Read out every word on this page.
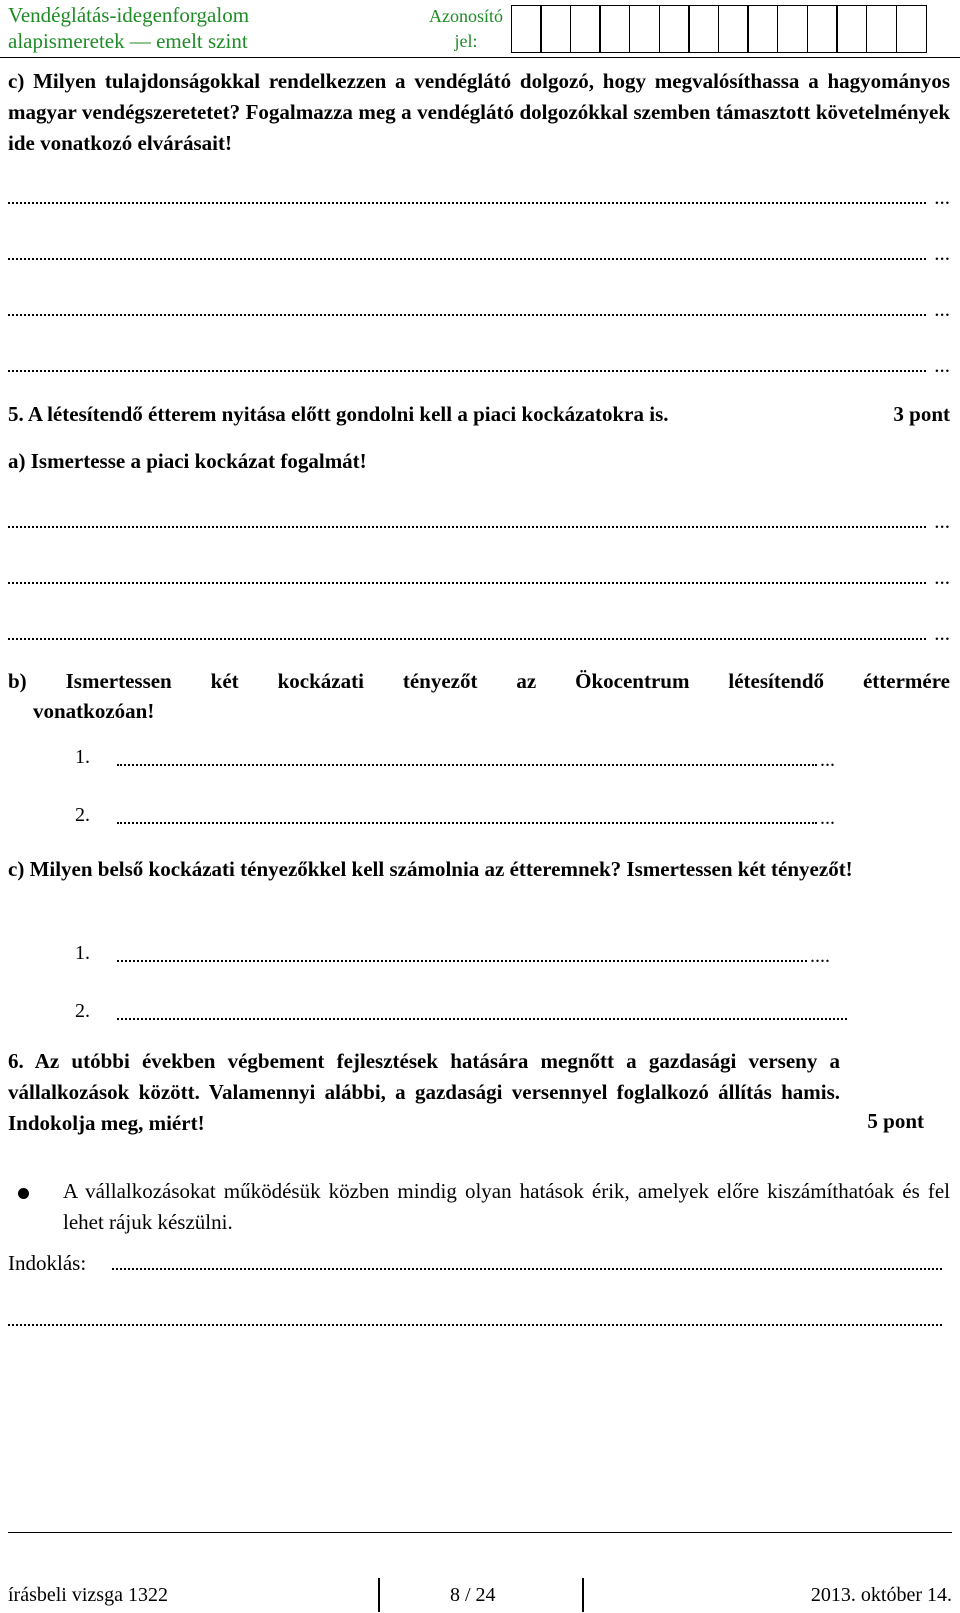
Vendéglátás-idegenforgalom
alapismeretek — emelt szint
Azonosító
jel:
c) Milyen tulajdonságokkal rendelkezzen a vendéglátó dolgozó, hogy megvalósíthassa a hagyományos magyar vendégszeretetet? Fogalmazza meg a vendéglátó dolgozókkal szemben támasztott követelmények ide vonatkozó elvárásait!
...
...
...
...
5. A létesítendő étterem nyitása előtt gondolni kell a piaci kockázatokra is.	3 pont
a) Ismertesse a piaci kockázat fogalmát!
...
...
...
b) Ismertessen két kockázati tényezőt az Ökocentrum létesítendő éttermére
vonatkozóan!
1.	...
2.	...
c) Milyen belső kockázati tényezőkkel kell számolnia az étteremnek? Ismertessen két tényezőt!
1.	....
2.
6. Az utóbbi években végbement fejlesztések hatására megnőtt a gazdasági verseny a vállalkozások között. Valamennyi alábbi, a gazdasági versennyel foglalkozó állítás hamis. Indokolja meg, miért!	5 pont
A vállalkozásokat működésük közben mindig olyan hatások érik, amelyek előre kiszámíthatóak és fel lehet rájuk készülni.
Indoklás:
írásbeli vizsga 1322	8 / 24	2013. október 14.
